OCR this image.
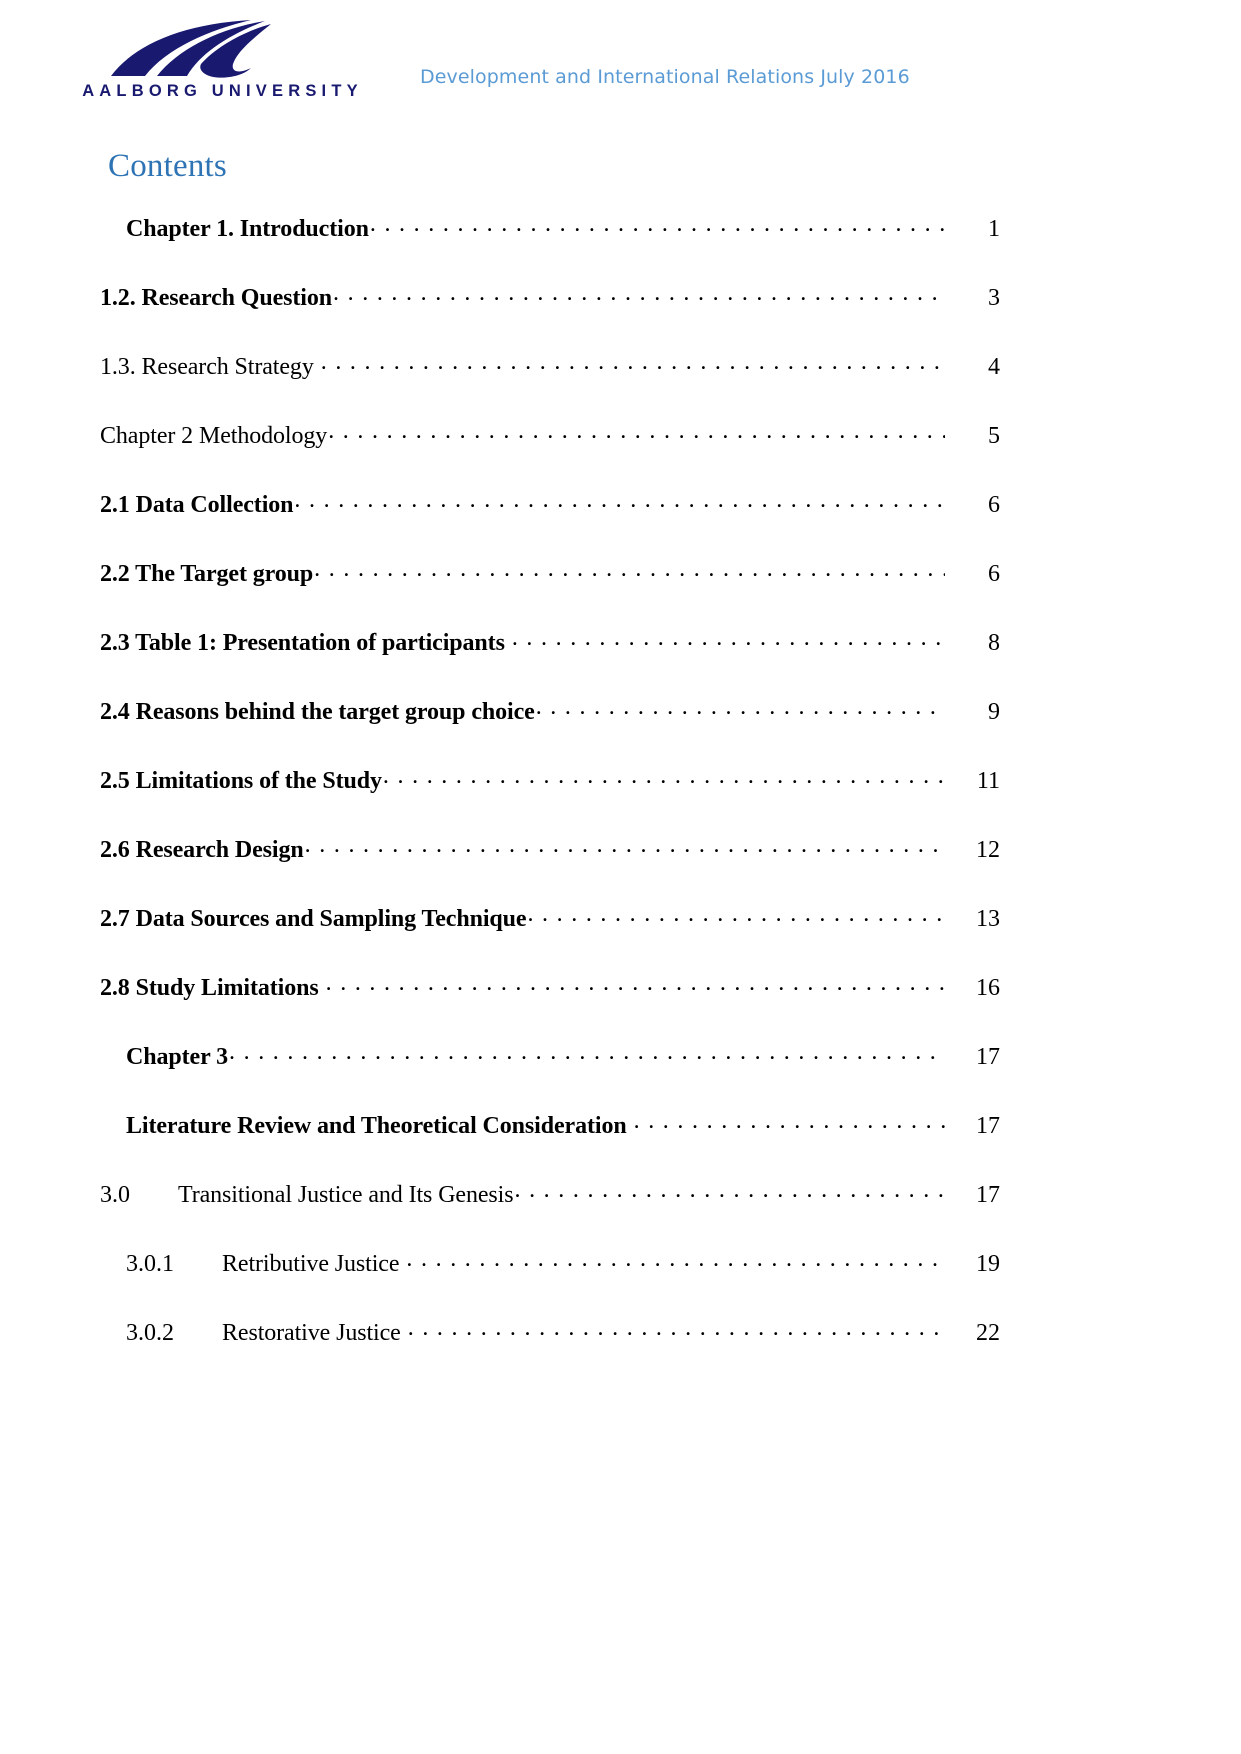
AALBORG UNIVERSITY
Development and International Relations July 2016
Contents
Chapter 1. Introduction . . .	1
1.2. Research Question . . .	3
1.3. Research Strategy . . .	4
Chapter 2 Methodology . . .	5
2.1 Data Collection . . .	6
2.2 The Target group . . .	6
2.3 Table 1: Presentation of participants . . .	8
2.4 Reasons behind the target group choice . . .	9
2.5 Limitations of the Study . . .	11
2.6 Research Design . . .	12
2.7 Data Sources and Sampling Technique . . .	13
2.8 Study Limitations . . .	16
Chapter 3 . . .	17
Literature Review and Theoretical Consideration . . .	17
3.0 Transitional Justice and Its Genesis . . .	17
3.0.1 Retributive Justice . . .	19
3.0.2 Restorative Justice . . .	22
